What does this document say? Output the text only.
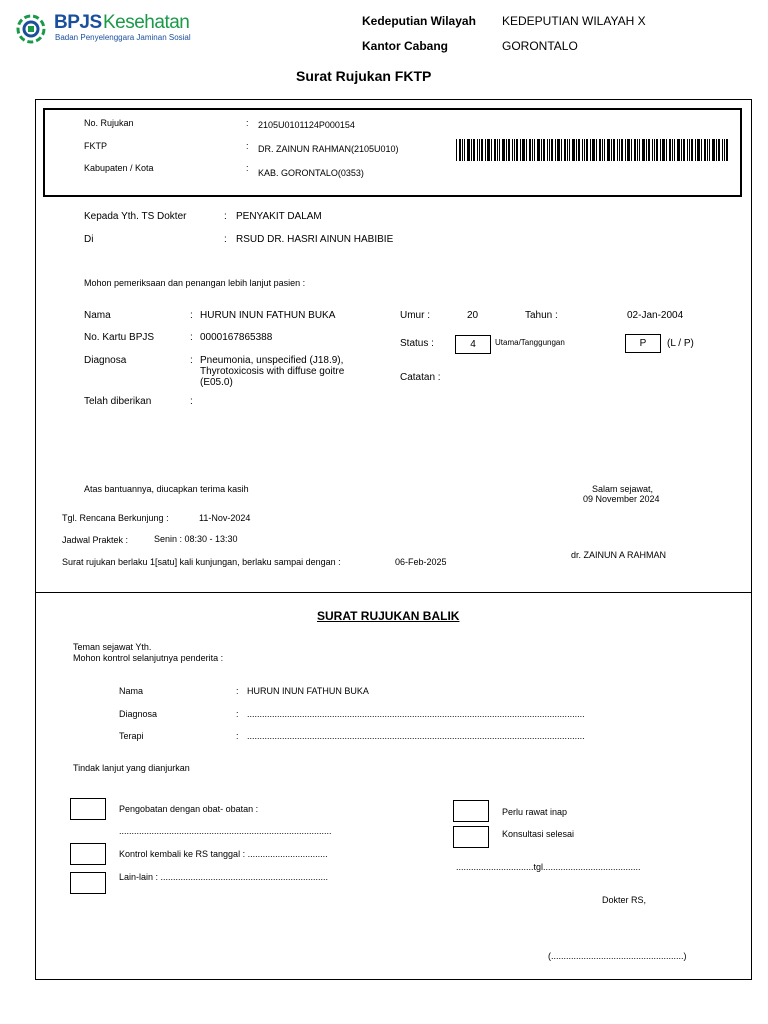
BPJS Kesehatan
Badan Penyelenggara Jaminan Sosial
Kedeputian Wilayah KEDEPUTIAN WILAYAH X
Kantor Cabang	GORONTALO
Surat Rujukan FKTP
No. Rujukan	: 2105U0101124P000154
FKTP	: DR. ZAINUN RAHMAN(2105U010)
Kabupaten / Kota	: KAB. GORONTALO(0353)
Kepada Yth. TS Dokter	: PENYAKIT DALAM
Di	: RSUD DR. HASRI AINUN HABIBIE
Mohon pemeriksaan dan penangan lebih lanjut pasien :
Nama	: HURUN INUN FATHUN BUKA
No. Kartu BPJS	: 0000167865388
Diagnosa	: Pneumonia, unspecified (J18.9),
Thyrotoxicosis with diffuse goitre
(E05.0)
Telah diberikan	:
Umur :	20	Tahun :	02-Jan-2004
Status :	4	Utama/Tanggungan	P	(L / P)
Catatan :
Atas bantuannya, diucapkan terima kasih	Salam sejawat,
09 November 2024
Tgl. Rencana Berkunjung :	11-Nov-2024
Jadwal Praktek :	Senin : 08:30 - 13:30
Surat rujukan berlaku 1[satu] kali kunjungan, berlaku sampai dengan :	06-Feb-2025
dr. ZAINUN A RAHMAN
SURAT RUJUKAN BALIK
Teman sejawat Yth.
Mohon kontrol selanjutnya penderita :
Nama	: HURUN INUN FATHUN BUKA
Diagnosa	: .......................................................................................................................................
Terapi	: .......................................................................................................................................
Tindak lanjut yang dianjurkan
Pengobatan dengan obat- obatan :
.....................................................................................
Kontrol kembali ke RS tanggal : ................................
Lain-lain : ...................................................................
Perlu rawat inap
Konsultasi selesai
...............................tgl.......................................
Dokter RS,
(.....................................................)
